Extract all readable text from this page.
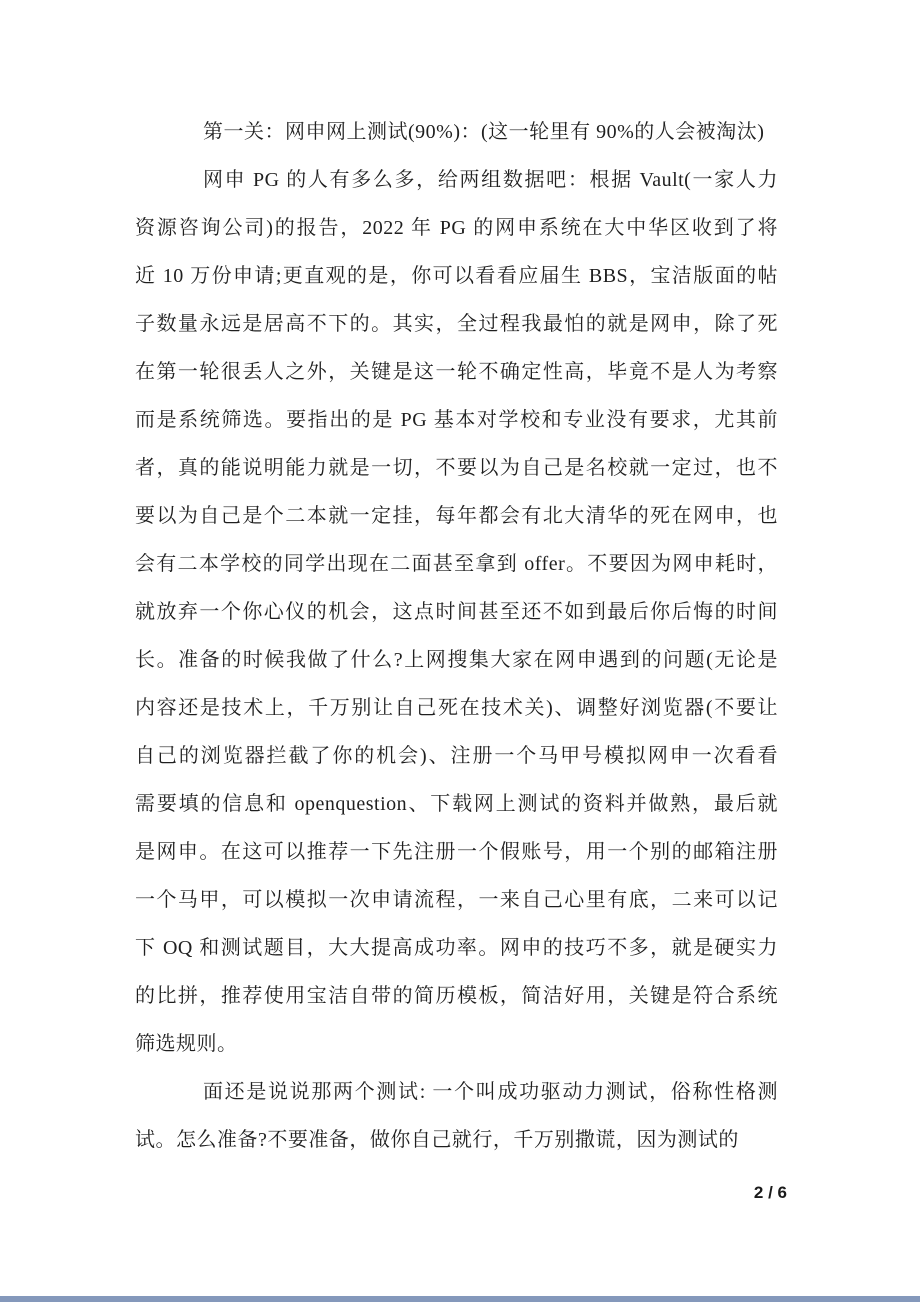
第一关：网申网上测试(90%)：(这一轮里有 90%的人会被淘汰)
网申 PG 的人有多么多，给两组数据吧：根据 Vault(一家人力
资源咨询公司)的报告，2022 年 PG 的网申系统在大中华区收到了将
近 10 万份申请;更直观的是，你可以看看应届生 BBS，宝洁版面的帖
子数量永远是居高不下的。其实，全过程我最怕的就是网申，除了死
在第一轮很丢人之外，关键是这一轮不确定性高，毕竟不是人为考察
而是系统筛选。要指出的是 PG 基本对学校和专业没有要求，尤其前
者，真的能说明能力就是一切，不要以为自己是名校就一定过，也不
要以为自己是个二本就一定挂，每年都会有北大清华的死在网申，也
会有二本学校的同学出现在二面甚至拿到 offer。不要因为网申耗时，
就放弃一个你心仪的机会，这点时间甚至还不如到最后你后悔的时间
长。准备的时候我做了什么?上网搜集大家在网申遇到的问题(无论是
内容还是技术上，千万别让自己死在技术关)、调整好浏览器(不要让
自己的浏览器拦截了你的机会)、注册一个马甲号模拟网申一次看看
需要填的信息和 openquestion、下载网上测试的资料并做熟，最后就
是网申。在这可以推荐一下先注册一个假账号，用一个别的邮箱注册
一个马甲，可以模拟一次申请流程，一来自己心里有底，二来可以记
下 OQ 和测试题目，大大提高成功率。网申的技巧不多，就是硬实力
的比拼，推荐使用宝洁自带的简历模板，简洁好用，关键是符合系统
筛选规则。
面还是说说那两个测试: 一个叫成功驱动力测试，俗称性格测
试。怎么准备?不要准备，做你自己就行，千万别撒谎，因为测试的
2 / 6
